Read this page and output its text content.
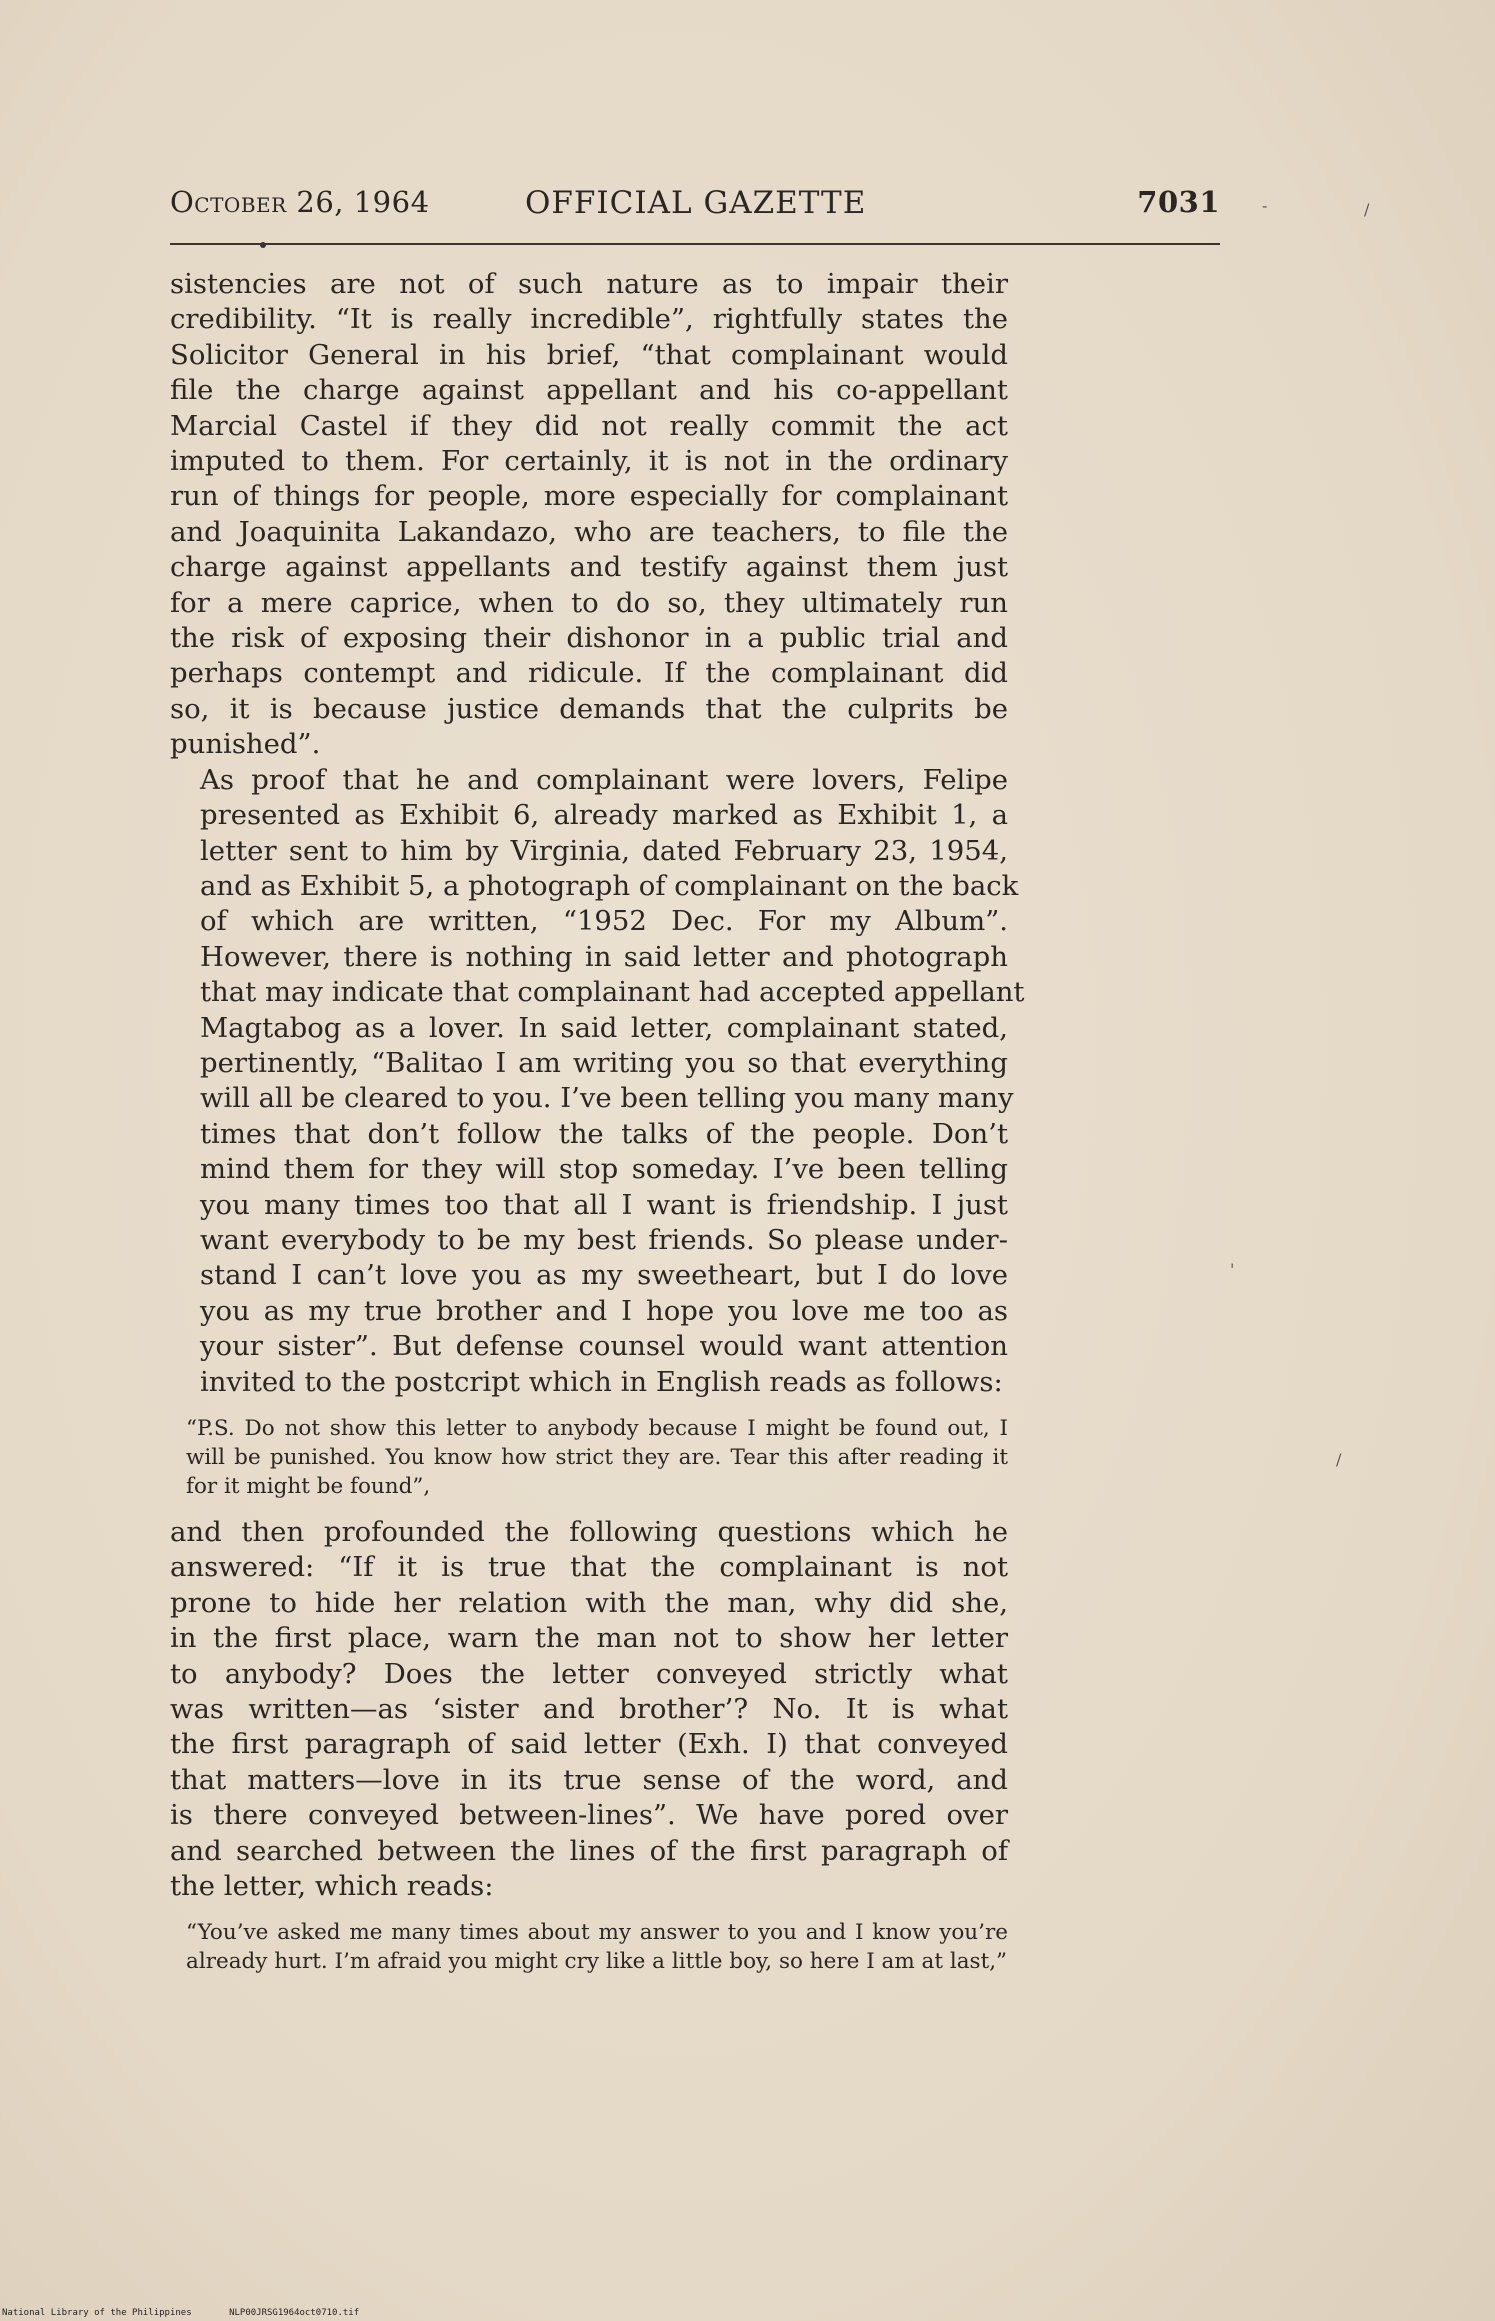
October 26, 1964	OFFICIAL GAZETTE	7031	-	/
'
/

sistencies are not of such nature as to impair their
credibility. “It is really incredible”, rightfully states the
Solicitor General in his brief, “that complainant would
file the charge against appellant and his co-appellant
Marcial Castel if they did not really commit the act
imputed to them. For certainly, it is not in the ordinary
run of things for people, more especially for complainant
and Joaquinita Lakandazo, who are teachers, to file the
charge against appellants and testify against them just
for a mere caprice, when to do so, they ultimately run
the risk of exposing their dishonor in a public trial and
perhaps contempt and ridicule. If the complainant did
so, it is because justice demands that the culprits be

punished”.

As proof that he and complainant were lovers, Felipe
presented as Exhibit 6, already marked as Exhibit 1, a
letter sent to him by Virginia, dated February 23, 1954,
and as Exhibit 5, a photograph of complainant on the back
of which are written, “1952 Dec. For my Album”.
However, there is nothing in said letter and photograph
that may indicate that complainant had accepted appellant
Magtabog as a lover. In said letter, complainant stated,
pertinently, “Balitao I am writing you so that everything
will all be cleared to you. I’ve been telling you many many
times that don’t follow the talks of the people. Don’t
mind them for they will stop someday. I’ve been telling
you many times too that all I want is friendship. I just
want everybody to be my best friends. So please under-
stand I can’t love you as my sweetheart, but I do love
you as my true brother and I hope you love me too as
your sister”. But defense counsel would want attention
invited to the postcript which in English reads as follows:

“P.S. Do not show this letter to anybody because I might be found out, I will be punished. You know how strict they are. Tear this after reading it for it might be found”,

and then profounded the following questions which he
answered: “If it is true that the complainant is not
prone to hide her relation with the man, why did she,
in the first place, warn the man not to show her letter
to anybody? Does the letter conveyed strictly what
was written—as ‘sister and brother’? No. It is what
the first paragraph of said letter (Exh. I) that conveyed
that matters—love in its true sense of the word, and
is there conveyed between-lines”. We have pored over
and searched between the lines of the first paragraph of
the letter, which reads:

“You’ve asked me many times about my answer to you and I know you’re already hurt. I’m afraid you might cry like a little boy, so here I am at last,”
National Library of the Philippines	NLP00JRSG1964oct0710.tif
